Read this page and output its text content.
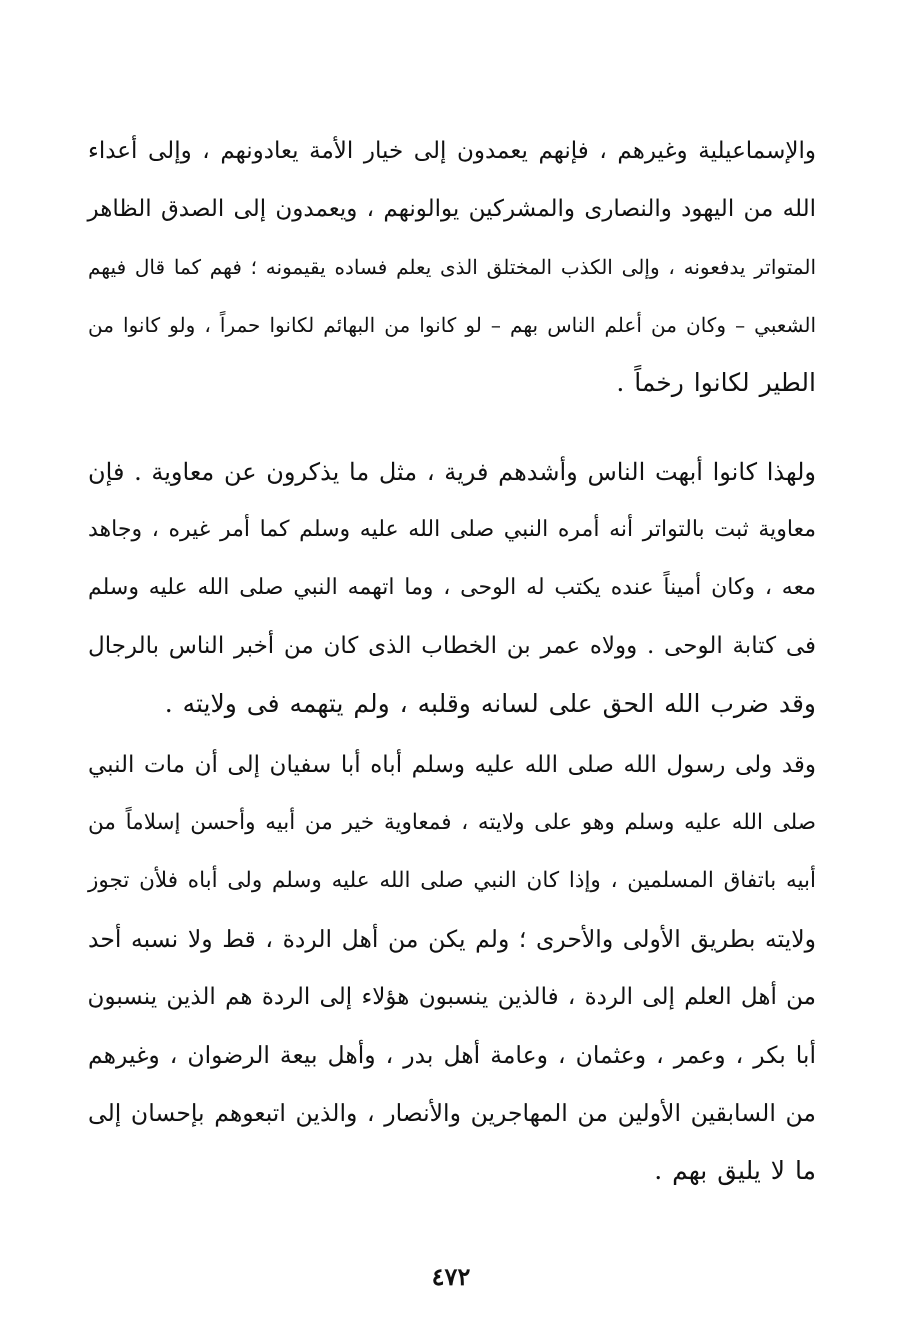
والإسماعيلية وغيرهم ، فإنهم يعمدون إلى خيار الأمة يعادونهم ، وإلى أعداء
الله من اليهود والنصارى والمشركين يوالونهم ، ويعمدون إلى الصدق الظاهر
المتواتر يدفعونه ، وإلى الكذب المختلق الذى يعلم فساده يقيمونه ؛ فهم كما قال فيهم
الشعبي – وكان من أعلم الناس بهم – لو كانوا من البهائم لكانوا حمراً ، ولو كانوا من
الطير لكانوا رخماً .
ولهذا كانوا أبهت الناس وأشدهم فرية ، مثل ما يذكرون عن معاوية . فإن
معاوية ثبت بالتواتر أنه أمره النبي صلى الله عليه وسلم كما أمر غيره ، وجاهد
معه ، وكان أميناً عنده يكتب له الوحى ، وما اتهمه النبي صلى الله عليه وسلم
فى كتابة الوحى . وولاه عمر بن الخطاب الذى كان من أخبر الناس بالرجال
وقد ضرب الله الحق على لسانه وقلبه ، ولم يتهمه فى ولايته .
وقد ولى رسول الله صلى الله عليه وسلم أباه أبا سفيان إلى أن مات النبي
صلى الله عليه وسلم وهو على ولايته ، فمعاوية خير من أبيه وأحسن إسلاماً من
أبيه باتفاق المسلمين ، وإذا كان النبي صلى الله عليه وسلم ولى أباه فلأن تجوز
ولايته بطريق الأولى والأحرى ؛ ولم يكن من أهل الردة ، قط ولا نسبه أحد
من أهل العلم إلى الردة ، فالذين ينسبون هؤلاء إلى الردة هم الذين ينسبون
أبا بكر ، وعمر ، وعثمان ، وعامة أهل بدر ، وأهل بيعة الرضوان ، وغيرهم
من السابقين الأولين من المهاجرين والأنصار ، والذين اتبعوهم بإحسان إلى
ما لا يليق بهم .
٤٧٢
